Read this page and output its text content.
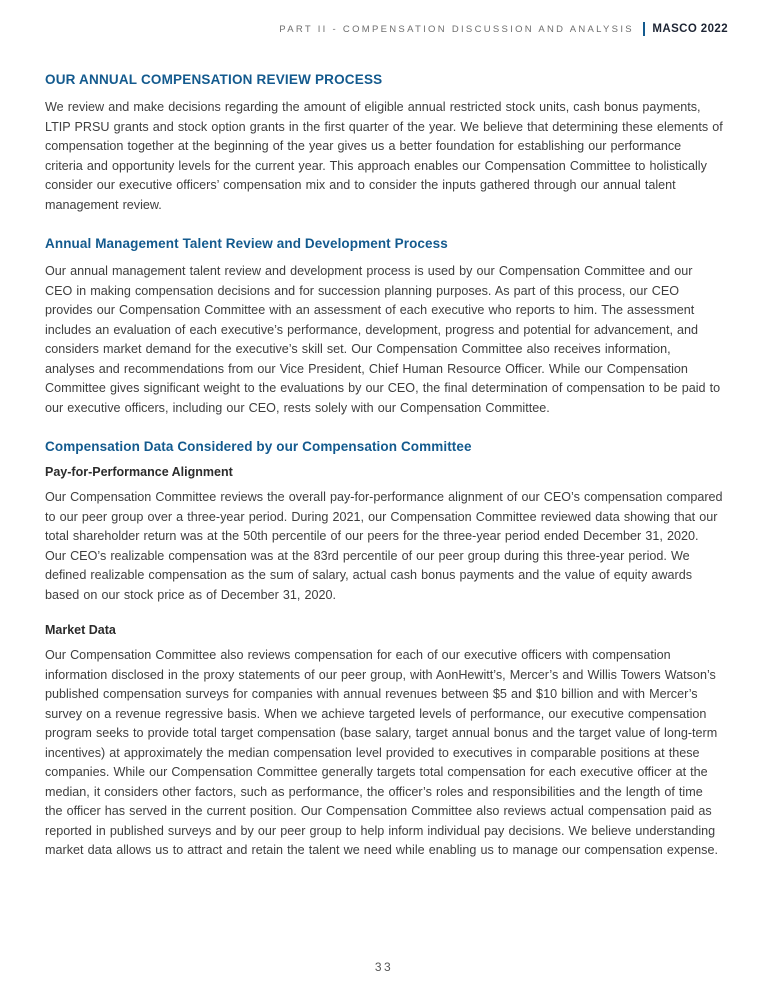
PART II - COMPENSATION DISCUSSION AND ANALYSIS MASCO 2022
OUR ANNUAL COMPENSATION REVIEW PROCESS

We review and make decisions regarding the amount of eligible annual restricted stock units, cash bonus payments, LTIP PRSU grants and stock option grants in the first quarter of the year. We believe that determining these elements of compensation together at the beginning of the year gives us a better foundation for establishing our performance criteria and opportunity levels for the current year. This approach enables our Compensation Committee to holistically consider our executive officers’ compensation mix and to consider the inputs gathered through our annual talent management review.

Annual Management Talent Review and Development Process

Our annual management talent review and development process is used by our Compensation Committee and our CEO in making compensation decisions and for succession planning purposes. As part of this process, our CEO provides our Compensation Committee with an assessment of each executive who reports to him. The assessment includes an evaluation of each executive’s performance, development, progress and potential for advancement, and considers market demand for the executive’s skill set. Our Compensation Committee also receives information, analyses and recommendations from our Vice President, Chief Human Resource Officer. While our Compensation Committee gives significant weight to the evaluations by our CEO, the final determination of compensation to be paid to our executive officers, including our CEO, rests solely with our Compensation Committee.

Compensation Data Considered by our Compensation Committee
Pay-for-Performance Alignment

Our Compensation Committee reviews the overall pay-for-performance alignment of our CEO’s compensation compared to our peer group over a three-year period. During 2021, our Compensation Committee reviewed data showing that our total shareholder return was at the 50th percentile of our peers for the three-year period ended December 31, 2020. Our CEO’s realizable compensation was at the 83rd percentile of our peer group during this three-year period. We defined realizable compensation as the sum of salary, actual cash bonus payments and the value of equity awards based on our stock price as of December 31, 2020.

Market Data

Our Compensation Committee also reviews compensation for each of our executive officers with compensation information disclosed in the proxy statements of our peer group, with AonHewitt’s, Mercer’s and Willis Towers Watson’s published compensation surveys for companies with annual revenues between $5 and $10 billion and with Mercer’s survey on a revenue regressive basis. When we achieve targeted levels of performance, our executive compensation program seeks to provide total target compensation (base salary, target annual bonus and the target value of long-term incentives) at approximately the median compensation level provided to executives in comparable positions at these companies. While our Compensation Committee generally targets total compensation for each executive officer at the median, it considers other factors, such as performance, the officer’s roles and responsibilities and the length of time the officer has served in the current position. Our Compensation Committee also reviews actual compensation paid as reported in published surveys and by our peer group to help inform individual pay decisions. We believe understanding market data allows us to attract and retain the talent we need while enabling us to manage our compensation expense.

33
